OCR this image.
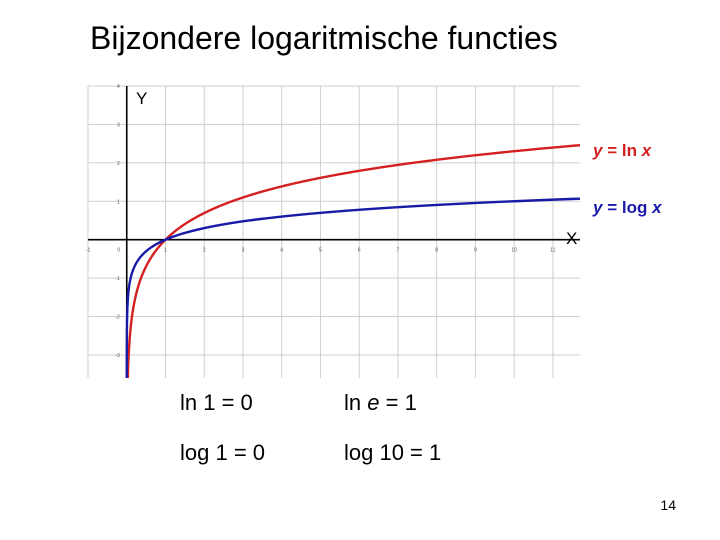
Bijzondere logaritmische functies
-1	1	2	3	4	5	6	7	8	9	10	11
0
-3
-2
-1
1
2
3
4
Y
X
y = ln x
y = log x
ln 1 = 0	ln e = 1
log 1 = 0	log 10 = 1
14
